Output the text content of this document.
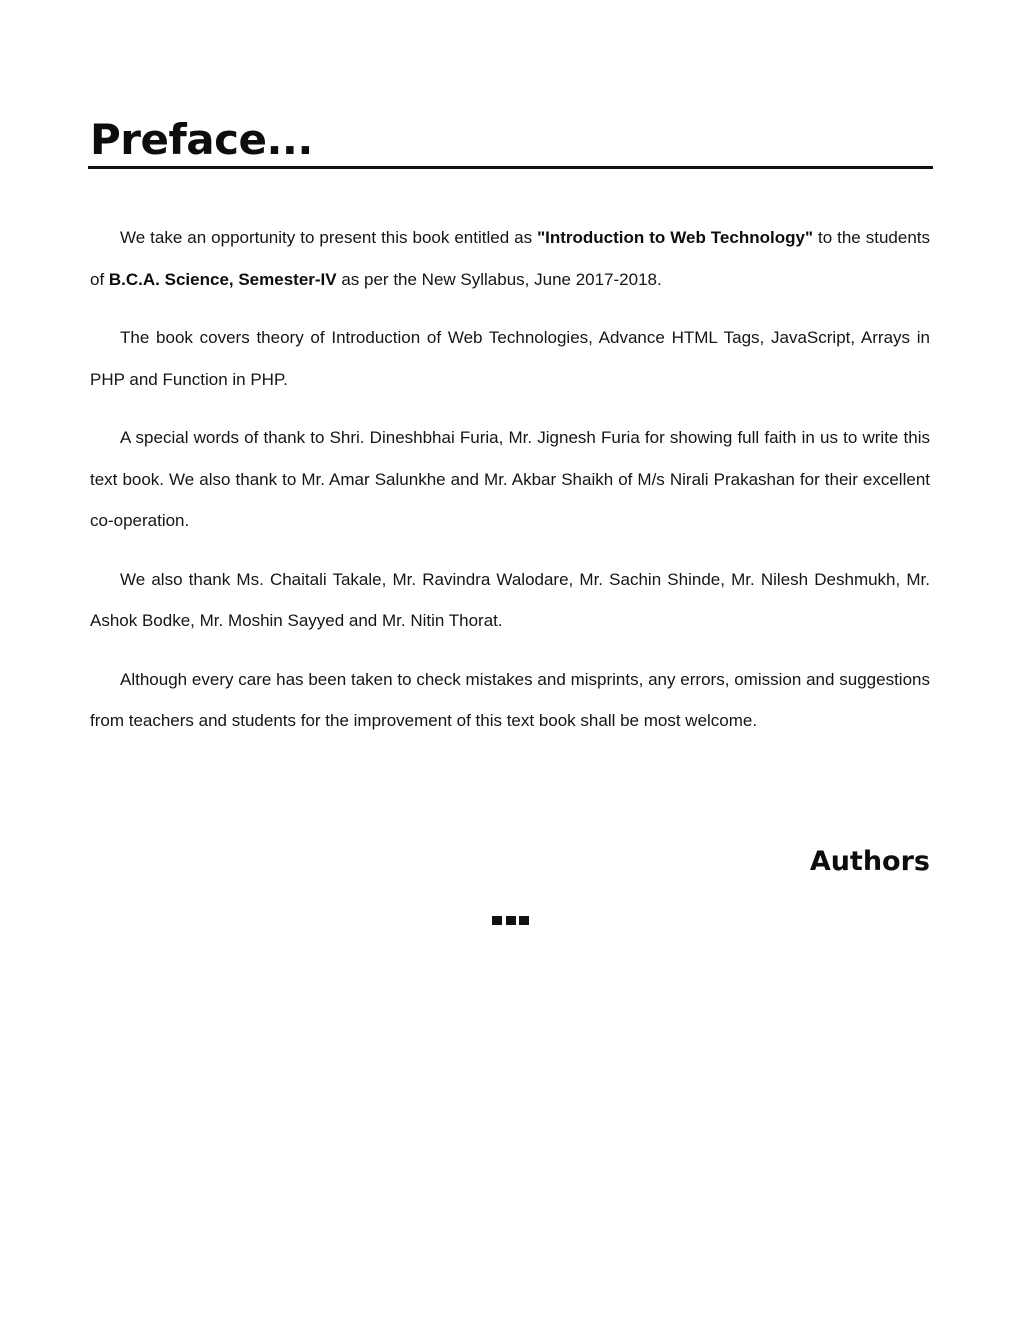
Preface...

We take an opportunity to present this book entitled as "Introduction to Web Technology" to the students of B.C.A. Science, Semester-IV as per the New Syllabus, June 2017-2018.

The book covers theory of Introduction of Web Technologies, Advance HTML Tags, JavaScript, Arrays in PHP and Function in PHP.

A special words of thank to Shri. Dineshbhai Furia, Mr. Jignesh Furia for showing full faith in us to write this text book. We also thank to Mr. Amar Salunkhe and Mr. Akbar Shaikh of M/s Nirali Prakashan for their excellent co-operation.

We also thank Ms. Chaitali Takale, Mr. Ravindra Walodare, Mr. Sachin Shinde, Mr. Nilesh Deshmukh, Mr. Ashok Bodke, Mr. Moshin Sayyed and Mr. Nitin Thorat.

Although every care has been taken to check mistakes and misprints, any errors, omission and suggestions from teachers and students for the improvement of this text book shall be most welcome.

Authors
